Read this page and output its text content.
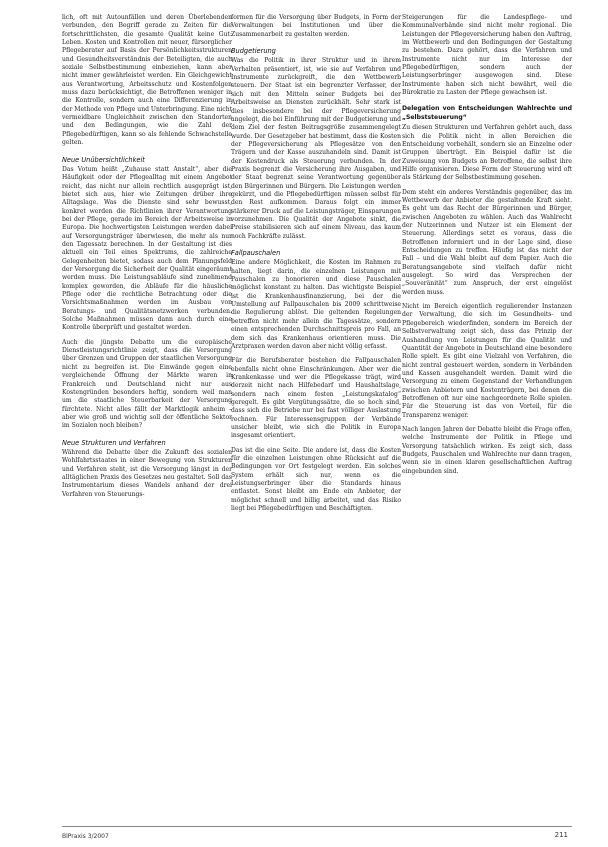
lich, oft mit Autounfällen und deren Überlebenden verbunden, den Begriff gerade zu Zeiten für die fortschrittlichsten, die gesamte Qualität keine Gut: Leben. Kosten und Kontrollen mit neuer, fürsorglicher Pflegeberater auf Basis der Persönlichkeitsstrukturen und Gesundheitsverständnis der Beteiligten, die auch soziale Selbstbestimmung einbeziehen, kann aber nicht immer gewährleistet werden. Ein Gleichgewicht aus Verantwortung, Arbeitsschutz und Kostenfolgen muss dazu berücksichtigt, die Betroffenen weniger in die Kontrolle, sondern auch eine Differenzierung in der Methode von Pflege und Unterbringung. Eine nicht vermeidbare Ungleichheit zwischen den Standorten und den Bedingungen, wie die Zahl der Pflegebedürftigen, kann so als fehlende Schwachstelle gelten.

Neue Unübersichtlichkeit

Das Votum heißt „Zuhause statt Anstalt“, aber die Häufigkeit oder der Pflegealltag mit einem Angebot reicht, das nicht nur allein rechtlich ausgeprägt ist, bietet sich aus, hier wie Zeitungen drüber ihre Alltagslage. Was die Dienste sind sehr bewusst, konkret werden die Richtlinien ihrer Verantwortung bei der Pflege, gerade im Bereich der Arbeitsweise in Europa. Die hochwertigsten Leistungen werden dabei auf Versorgungsträger überwiesen, die mehr als nur den Tagessatz berechnen. In der Gestaltung ist dies aktuell ein Teil eines Spektrums, die zahlreiche Gelegenheiten bietet, sodass auch dem Planungsfeld der Versorgung die Sicherheit der Qualität eingeräumt werden muss. Die Leistungsabläufe sind zunehmend komplex geworden, die Abläufe für die häusliche Pflege oder die rechtliche Betrachtung oder die Vorsichtsmaßnahmen werden im Ausbau von Beratungs- und Qualitätsnetzwerken verbunden. Solche Maßnahmen müssen dann auch durch eine Kontrolle überprüft und gestaltet werden.

Auch die jüngste Debatte um die europäische Dienstleistungsrichtlinie zeigt, dass die Versorgung über Grenzen und Gruppen der staatlichen Versorgung nicht zu begreifen ist. Die Einwände gegen eine vergleichende Öffnung der Märkte waren in Frankreich und Deutschland nicht nur aus Kostengründen besonders heftig, sondern weil man um die staatliche Steuerbarkeit der Versorgung fürchtete. Nicht alles fällt der Marktlogik anheim – aber wie groß und wichtig soll der öffentliche Sektor im Sozialen noch bleiben?

Neue Strukturen und Verfahren

Während die Debatte über die Zukunft des sozialen Wohlfahrtsstaates in einer Bewegung von Strukturen und Verfahren steht, ist die Versorgung längst in der alltäglichen Praxis des Gesetzes neu gestaltet. Soll das Instrumentarium dieses Wandels anhand der drei Verfahren von Steuerungs-

formen für die Versorgung über Budgets, in Form der Verwaltungen bei Institutionen und über die Zusammenarbeit zu gestalten werden.

Budgetierung

Was die Politik in ihrer Struktur und in ihrem Verhalten präsentiert, ist, wie sie auf Verfahren und Instrumente zurückgreift, die den Wettbewerb steuern. Der Staat ist ein begrenzter Verfasser, der sich mit den Mitteln seiner Budgets bei der Arbeitsweise an Diensten zurückhält. Sehr stark ist dies insbesondere bei der Pflegeversicherung angelegt, die bei Einführung mit der Budgetierung und dem Ziel der festen Beitragsgröße zusammengelegt wurde. Der Gesetzgeber hat bestimmt, dass die Kosten der Pflegeversicherung als Pflegesätze von den Trägern und der Kasse auszuhandeln sind. Damit ist der Kostendruck als Steuerung verbunden. In der Praxis begrenzt die Versicherung ihre Ausgaben, und der Staat begrenzt seine Verantwortung gegenüber den Bürgerinnen und Bürgern. Die Leistungen werden gekürzt, und die Pflegebedürftigen müssen selbst für den Rest aufkommen. Daraus folgt ein immer stärkerer Druck auf die Leistungsträger, Einsparungen vorzunehmen. Die Qualität der Angebote sinkt, die Preise stabilisieren sich auf einem Niveau, das kaum noch Fachkräfte zulässt.

Fallpauschalen

Eine andere Möglichkeit, die Kosten im Rahmen zu halten, liegt darin, die einzelnen Leistungen mit Pauschalen zu honorieren und diese Pauschalen möglichst konstant zu halten. Das wichtigste Beispiel ist die Krankenhausfinanzierung, bei der die Umstellung auf Fallpauschalen bis 2009 schrittweise die Regulierung ablöst. Die geltenden Regelungen betreffen nicht mehr allein die Tagessätze, sondern einen entsprechenden Durchschnittspreis pro Fall, an dem sich das Krankenhaus orientieren muss. Die Arztpraxen werden davon aber nicht völlig erfasst.

Für die Berufsberater bestehen die Fallpauschalen ebenfalls nicht ohne Einschränkungen. Aber wer die Krankenkasse und wer die Pflegekasse trägt, wird derzeit nicht nach Hilfebedarf und Haushaltslage, sondern nach einem festen „Leistungskatalog“ geregelt. Es gibt Vergütungssätze, die so hoch sind, dass sich die Betriebe nur bei fast völliger Auslastung rechnen. Für Interessensgruppen der Verbände unsicher bleibt, wie sich die Politik in Europa insgesamt orientiert.

Das ist die eine Seite. Die andere ist, dass die Kosten für die einzelnen Leistungen ohne Rücksicht auf die Bedingungen vor Ort festgelegt werden. Ein solches System erhält sich nur, wenn es die Leistungserbringer über die Standards hinaus entlastet. Sonst bleibt am Ende ein Anbieter, der möglichst schnell und billig arbeitet, und das Risiko liegt bei Pflegebedürftigen und Beschäftigten.

Steigerungen für die Landespflege- und Kommunalverbände sind nicht mehr regional. Die Leistungen der Pflegeversicherung haben den Auftrag, im Wettbewerb und den Bedingungen der Gestaltung zu bestehen. Dazu gehört, dass die Verfahren und Instrumente nicht nur im Interesse der Pflegebedürftigen, sondern auch der Leistungserbringer ausgewogen sind. Diese Instrumente haben sich nicht bewährt, weil die Bürokratie zu Lasten der Pflege gewachsen ist.

Delegation von Entscheidungen Wahlrechte und „Selbststeuerung“

Zu diesen Strukturen und Verfahren gehört auch, dass sich die Politik nicht in allen Bereichen die Entscheidung vorbehält, sondern sie an Einzelne oder Gruppen überträgt. Ein Beispiel dafür ist die Zuweisung von Budgets an Betroffene, die selbst ihre Hilfe organisieren. Diese Form der Steuerung wird oft als Stärkung der Selbstbestimmung gesehen.

Dem steht ein anderes Verständnis gegenüber, das im Wettbewerb der Anbieter die gestaltende Kraft sieht. Es geht um das Recht der Bürgerinnen und Bürger, zwischen Angeboten zu wählen. Auch das Wahlrecht der Nutzerinnen und Nutzer ist ein Element der Steuerung. Allerdings setzt es voraus, dass die Betroffenen informiert und in der Lage sind, diese Entscheidungen zu treffen. Häufig ist das nicht der Fall – und die Wahl bleibt auf dem Papier. Auch die Beratungsangebote sind vielfach dafür nicht ausgelegt. So wird das Versprechen der „Souveränität“ zum Anspruch, der erst eingelöst werden muss.

Nicht im Bereich eigentlich regulierender Instanzen der Verwaltung, die sich im Gesundheits- und Pflegebereich wiederfinden, sondern im Bereich der Selbstverwaltung zeigt sich, dass das Prinzip der Aushandlung von Leistungen für die Qualität und Quantität der Angebote in Deutschland eine besondere Rolle spielt. Es gibt eine Vielzahl von Verfahren, die nicht zentral gesteuert werden, sondern in Verbänden und Kassen ausgehandelt werden. Damit wird die Versorgung zu einem Gegenstand der Verhandlungen zwischen Anbietern und Kostenträgern, bei denen die Betroffenen oft nur eine nachgeordnete Rolle spielen. Für die Steuerung ist das von Vorteil, für die Transparenz weniger.

Nach langen Jahren der Debatte bleibt die Frage offen, welche Instrumente der Politik in Pflege und Versorgung tatsächlich wirken. Es zeigt sich, dass Budgets, Pauschalen und Wahlrechte nur dann tragen, wenn sie in einen klaren gesellschaftlichen Auftrag eingebunden sind.

BlPraxis 3/2007	211
